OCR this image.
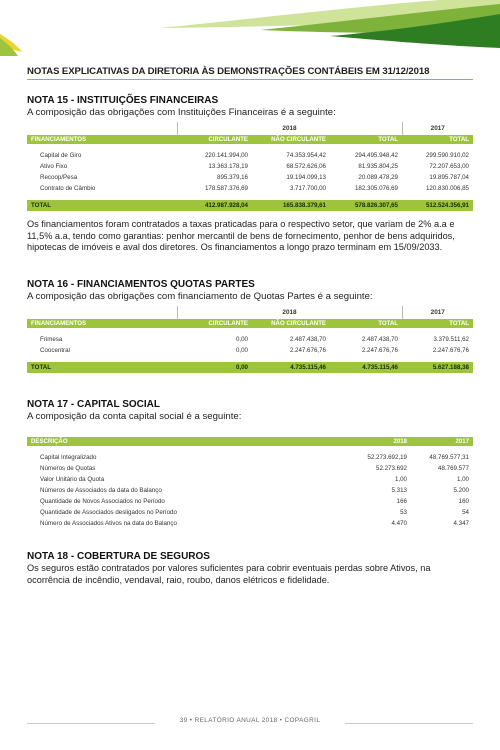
NOTAS EXPLICATIVAS DA DIRETORIA ÀS DEMONSTRAÇÕES CONTÁBEIS EM 31/12/2018
NOTA 15 - INSTITUIÇÕES FINANCEIRAS
A composição das obrigações com Instituições Financeiras é a seguinte:
	2018			2017
FINANCIAMENTOS	CIRCULANTE	NÃO CIRCULANTE	TOTAL	TOTAL

Capital de Giro	220.141.994,00	74.353.954,42	294.495.948,42	299.590.910,02
Ativo Fixo	13.363.178,19	68.572.626,06	81.935.804,25	72.207.653,00
Recoop/Pesa	895.379,16	19.194.099,13	20.089.478,29	19.895.787,04
Contrato de Câmbio	178.587.376,69	3.717.700,00	182.305.076,69	120.830.006,85

TOTAL	412.987.928,04	165.838.379,61	578.826.307,65	512.524.356,91
Os financiamentos foram contratados a taxas praticadas para o respectivo setor, que variam de 2% a.a e 11,5% a.a, tendo como garantias: penhor mercantil de bens de fornecimento, penhor de bens adquiridos, hipotecas de imóveis e aval dos diretores. Os financiamentos a longo prazo terminam em 15/09/2033.
NOTA 16 - FINANCIAMENTOS QUOTAS PARTES
A composição das obrigações com financiamento de Quotas Partes é a seguinte:
	2018			2017
FINANCIAMENTOS	CIRCULANTE	NÃO CIRCULANTE	TOTAL	TOTAL

Frimesa	0,00	2.487.438,70	2.487.438,70	3.379.511,62
Coocentral	0,00	2.247.676,76	2.247.676,76	2.247.676,76

TOTAL	0,00	4.735.115,46	4.735.115,46	5.627.188,38
NOTA 17 - CAPITAL SOCIAL
A composição da conta capital social é a seguinte:
DESCRIÇÃO	2018	2017

Capital Integralizado	52.273.692,19	48.769.577,31
Números de Quotas	52.273.692	48.769.577
Valor Unitário da Quota	1,00	1,00
Números de Associados da data do Balanço	5.313	5.200
Quantidade de Novos Associados no Período	166	160
Quantidade de Associados desligados no Período	53	54
Número de Associados Ativos na data do Balanço	4.470	4.347
NOTA 18 - COBERTURA DE SEGUROS
Os seguros estão contratados por valores suficientes para cobrir eventuais perdas sobre Ativos, na ocorrência de incêndio, vendaval, raio, roubo, danos elétricos e fidelidade.
39 • RELATÓRIO ANUAL 2018 • COPAGRIL
